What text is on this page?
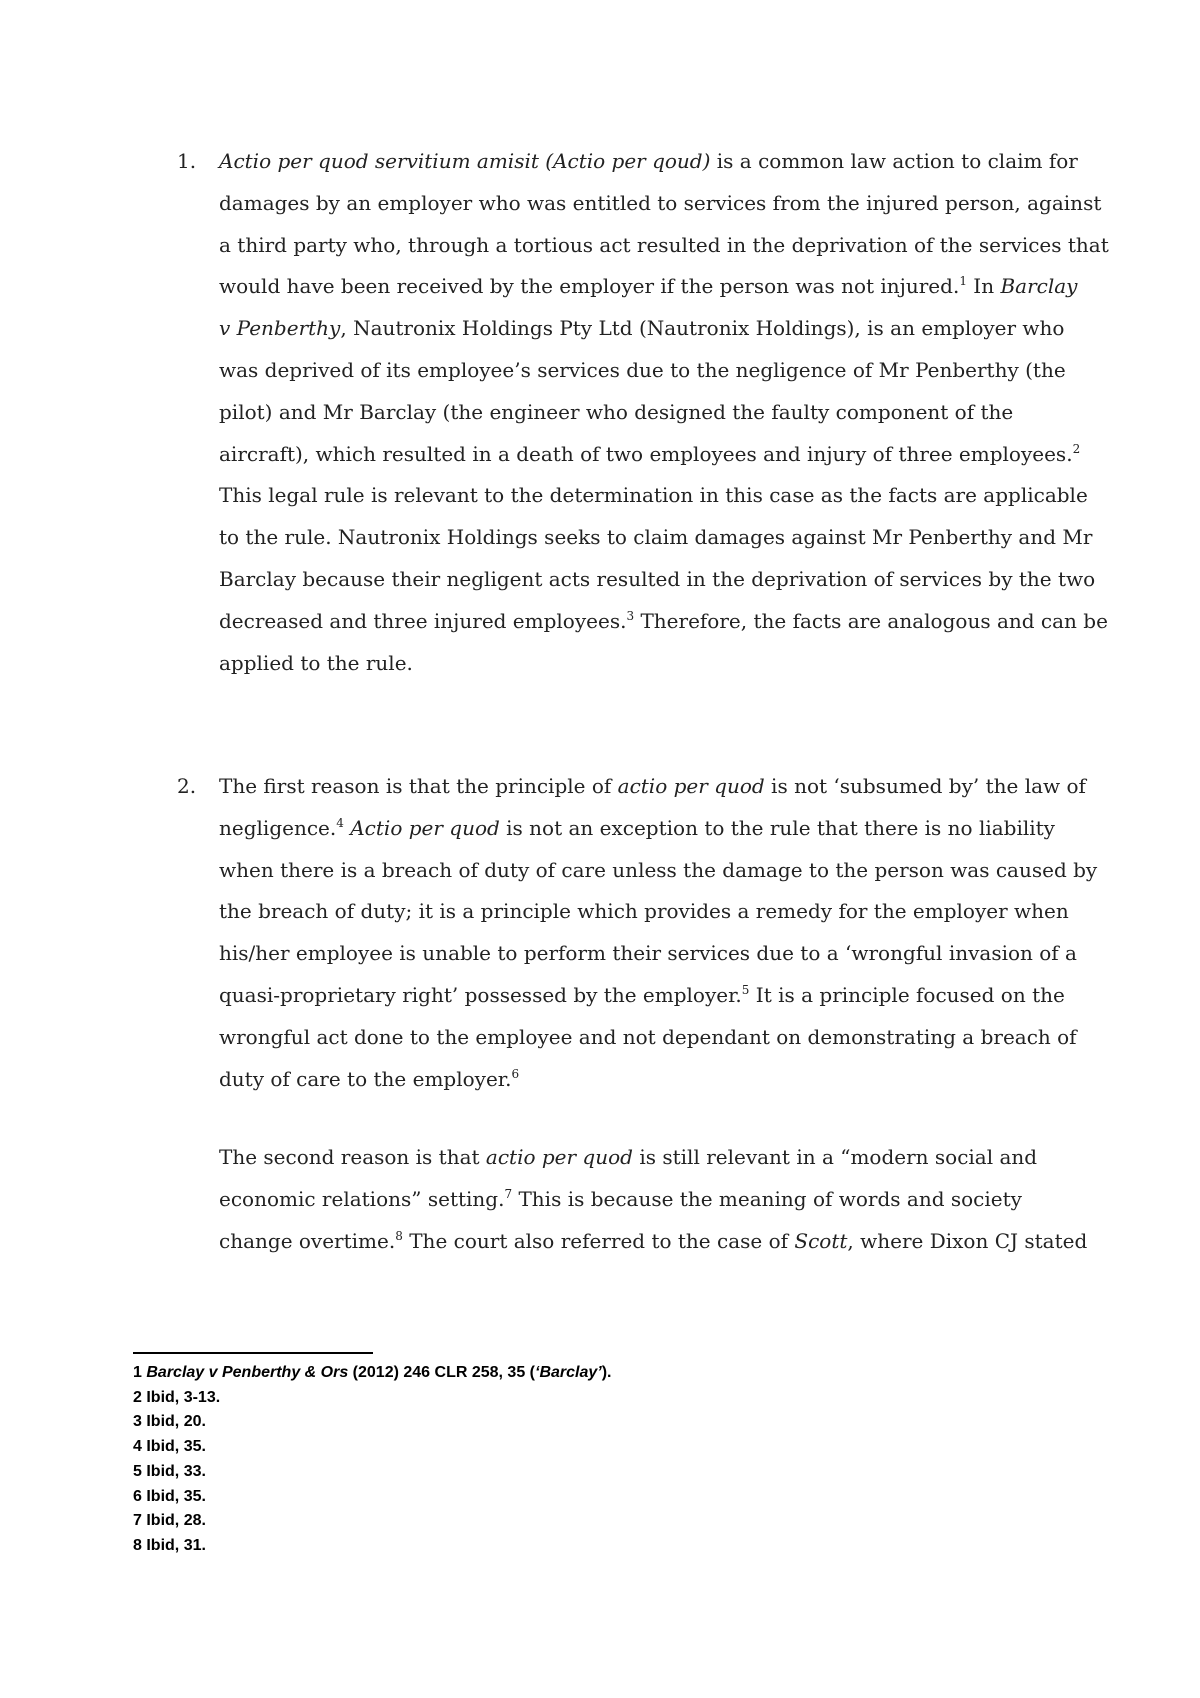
1. Actio per quod servitium amisit (Actio per qoud) is a common law action to claim for
damages by an employer who was entitled to services from the injured person, against
a third party who, through a tortious act resulted in the deprivation of the services that
would have been received by the employer if the person was not injured.$^1$ In Barclay
v Penberthy, Nautronix Holdings Pty Ltd (Nautronix Holdings), is an employer who
was deprived of its employee’s services due to the negligence of Mr Penberthy (the
pilot) and Mr Barclay (the engineer who designed the faulty component of the
aircraft), which resulted in a death of two employees and injury of three employees.$^2$
This legal rule is relevant to the determination in this case as the facts are applicable
to the rule. Nautronix Holdings seeks to claim damages against Mr Penberthy and Mr
Barclay because their negligent acts resulted in the deprivation of services by the two
decreased and three injured employees.$^3$ Therefore, the facts are analogous and can be
applied to the rule.
2. The first reason is that the principle of actio per quod is not ‘subsumed by’ the law of
negligence.$^4$ Actio per quod is not an exception to the rule that there is no liability
when there is a breach of duty of care unless the damage to the person was caused by
the breach of duty; it is a principle which provides a remedy for the employer when
his/her employee is unable to perform their services due to a ‘wrongful invasion of a
quasi-proprietary right’ possessed by the employer.$^5$ It is a principle focused on the
wrongful act done to the employee and not dependant on demonstrating a breach of
duty of care to the employer.$^6$
The second reason is that actio per quod is still relevant in a “modern social and
economic relations” setting.$^7$ This is because the meaning of words and society
change overtime.$^8$ The court also referred to the case of Scott, where Dixon CJ stated
1 Barclay v Penberthy & Ors (2012) 246 CLR 258, 35 (‘Barclay’).
2 Ibid, 3-13.
3 Ibid, 20.
4 Ibid, 35.
5 Ibid, 33.
6 Ibid, 35.
7 Ibid, 28.
8 Ibid, 31.
